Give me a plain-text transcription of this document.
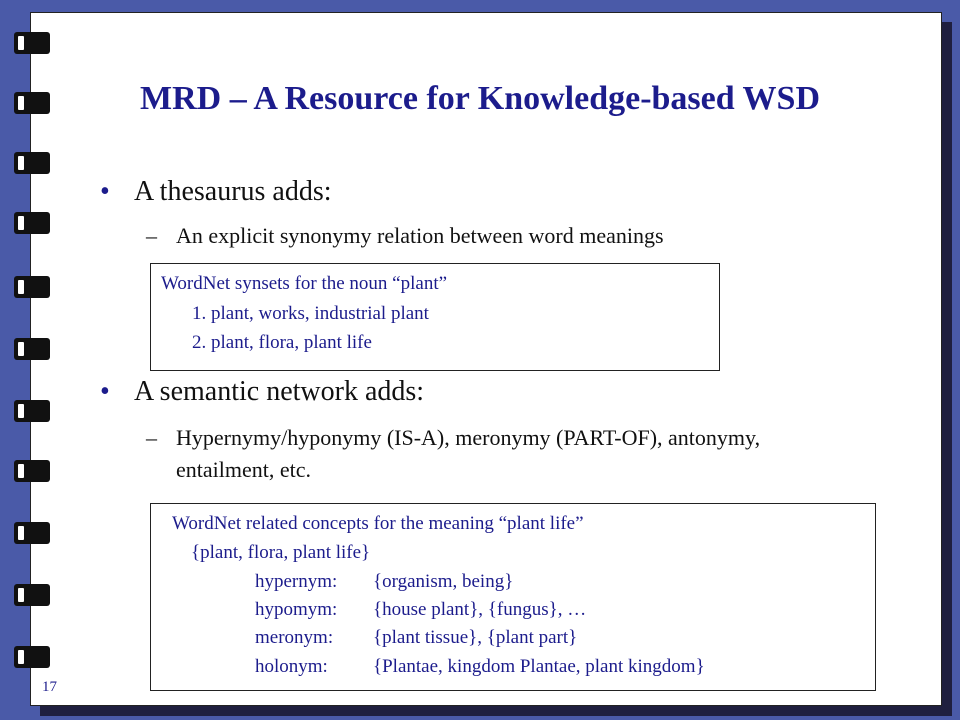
MRD – A Resource for Knowledge-based WSD
• A thesaurus adds:
– An explicit synonymy relation between word meanings
WordNet synsets for the noun “plant”
1. plant, works, industrial plant
2. plant, flora, plant life
• A semantic network adds:
– Hypernymy/hyponymy (IS-A), meronymy (PART-OF), antonymy,
entailment, etc.
WordNet related concepts for the meaning “plant life”
{plant, flora, plant life}
hypernym: {organism, being}
hypomym: {house plant}, {fungus}, …
meronym: {plant tissue}, {plant part}
holonym: {Plantae, kingdom Plantae, plant kingdom}
17
